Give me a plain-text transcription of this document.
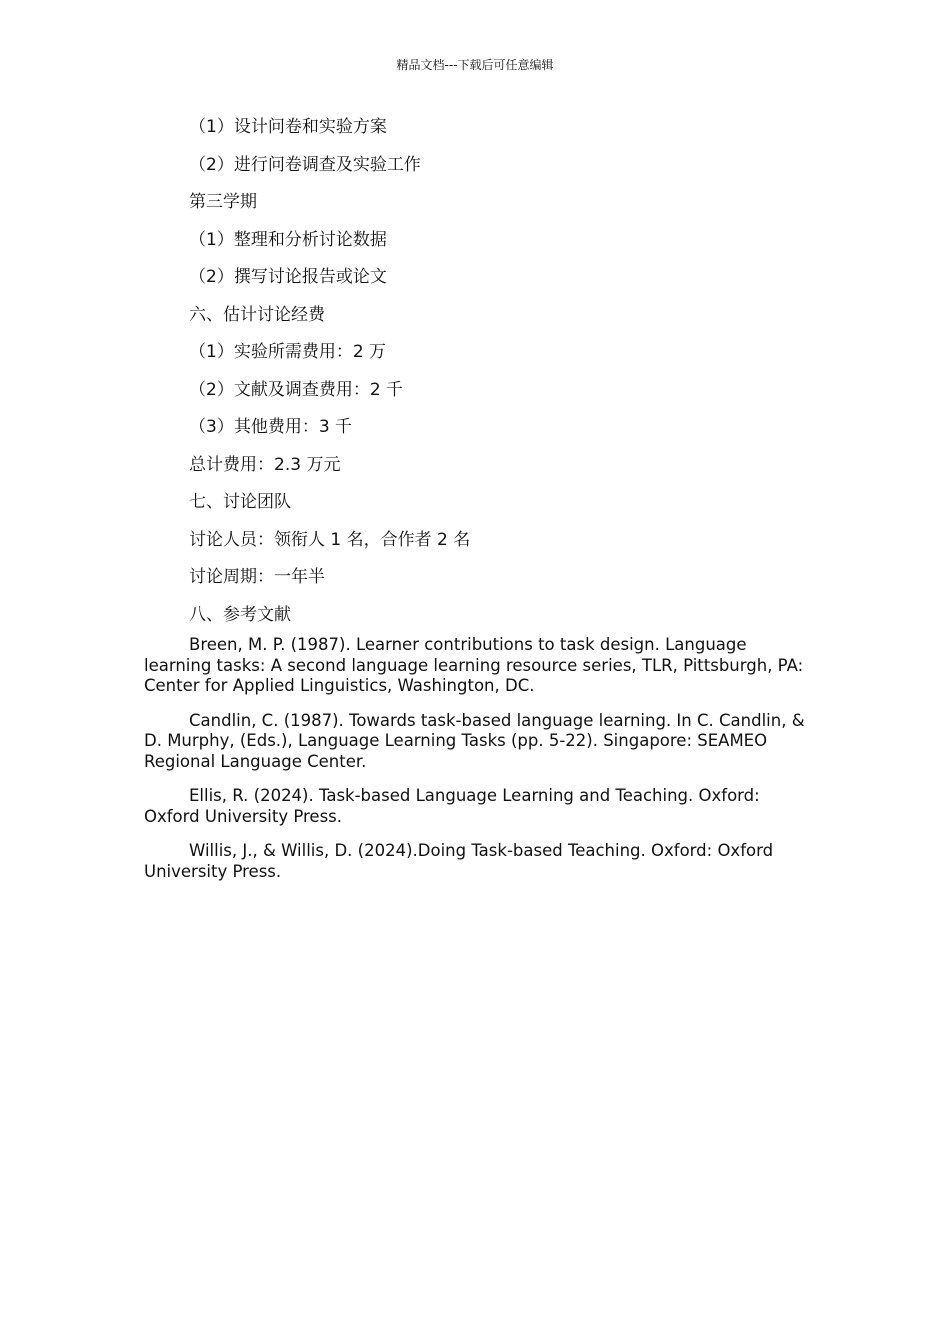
精品文档---下载后可任意编辑
（1）设计问卷和实验方案
（2）进行问卷调查及实验工作
第三学期
（1）整理和分析讨论数据
（2）撰写讨论报告或论文
六、估计讨论经费
（1）实验所需费用：2 万
（2）文献及调查费用：2 千
（3）其他费用：3 千
总计费用：2.3 万元
七、讨论团队
讨论人员：领衔人 1 名，合作者 2 名
讨论周期：一年半
八、参考文献
Breen, M. P. (1987). Learner contributions to task design. Language learning tasks: A second language learning resource series, TLR, Pittsburgh, PA: Center for Applied Linguistics, Washington, DC.
Candlin, C. (1987). Towards task-based language learning. In C. Candlin, & D. Murphy, (Eds.), Language Learning Tasks (pp. 5-22). Singapore: SEAMEO Regional Language Center.
Ellis, R. (2024). Task-based Language Learning and Teaching. Oxford: Oxford University Press.
Willis, J., & Willis, D. (2024).Doing Task-based Teaching. Oxford: Oxford University Press.
